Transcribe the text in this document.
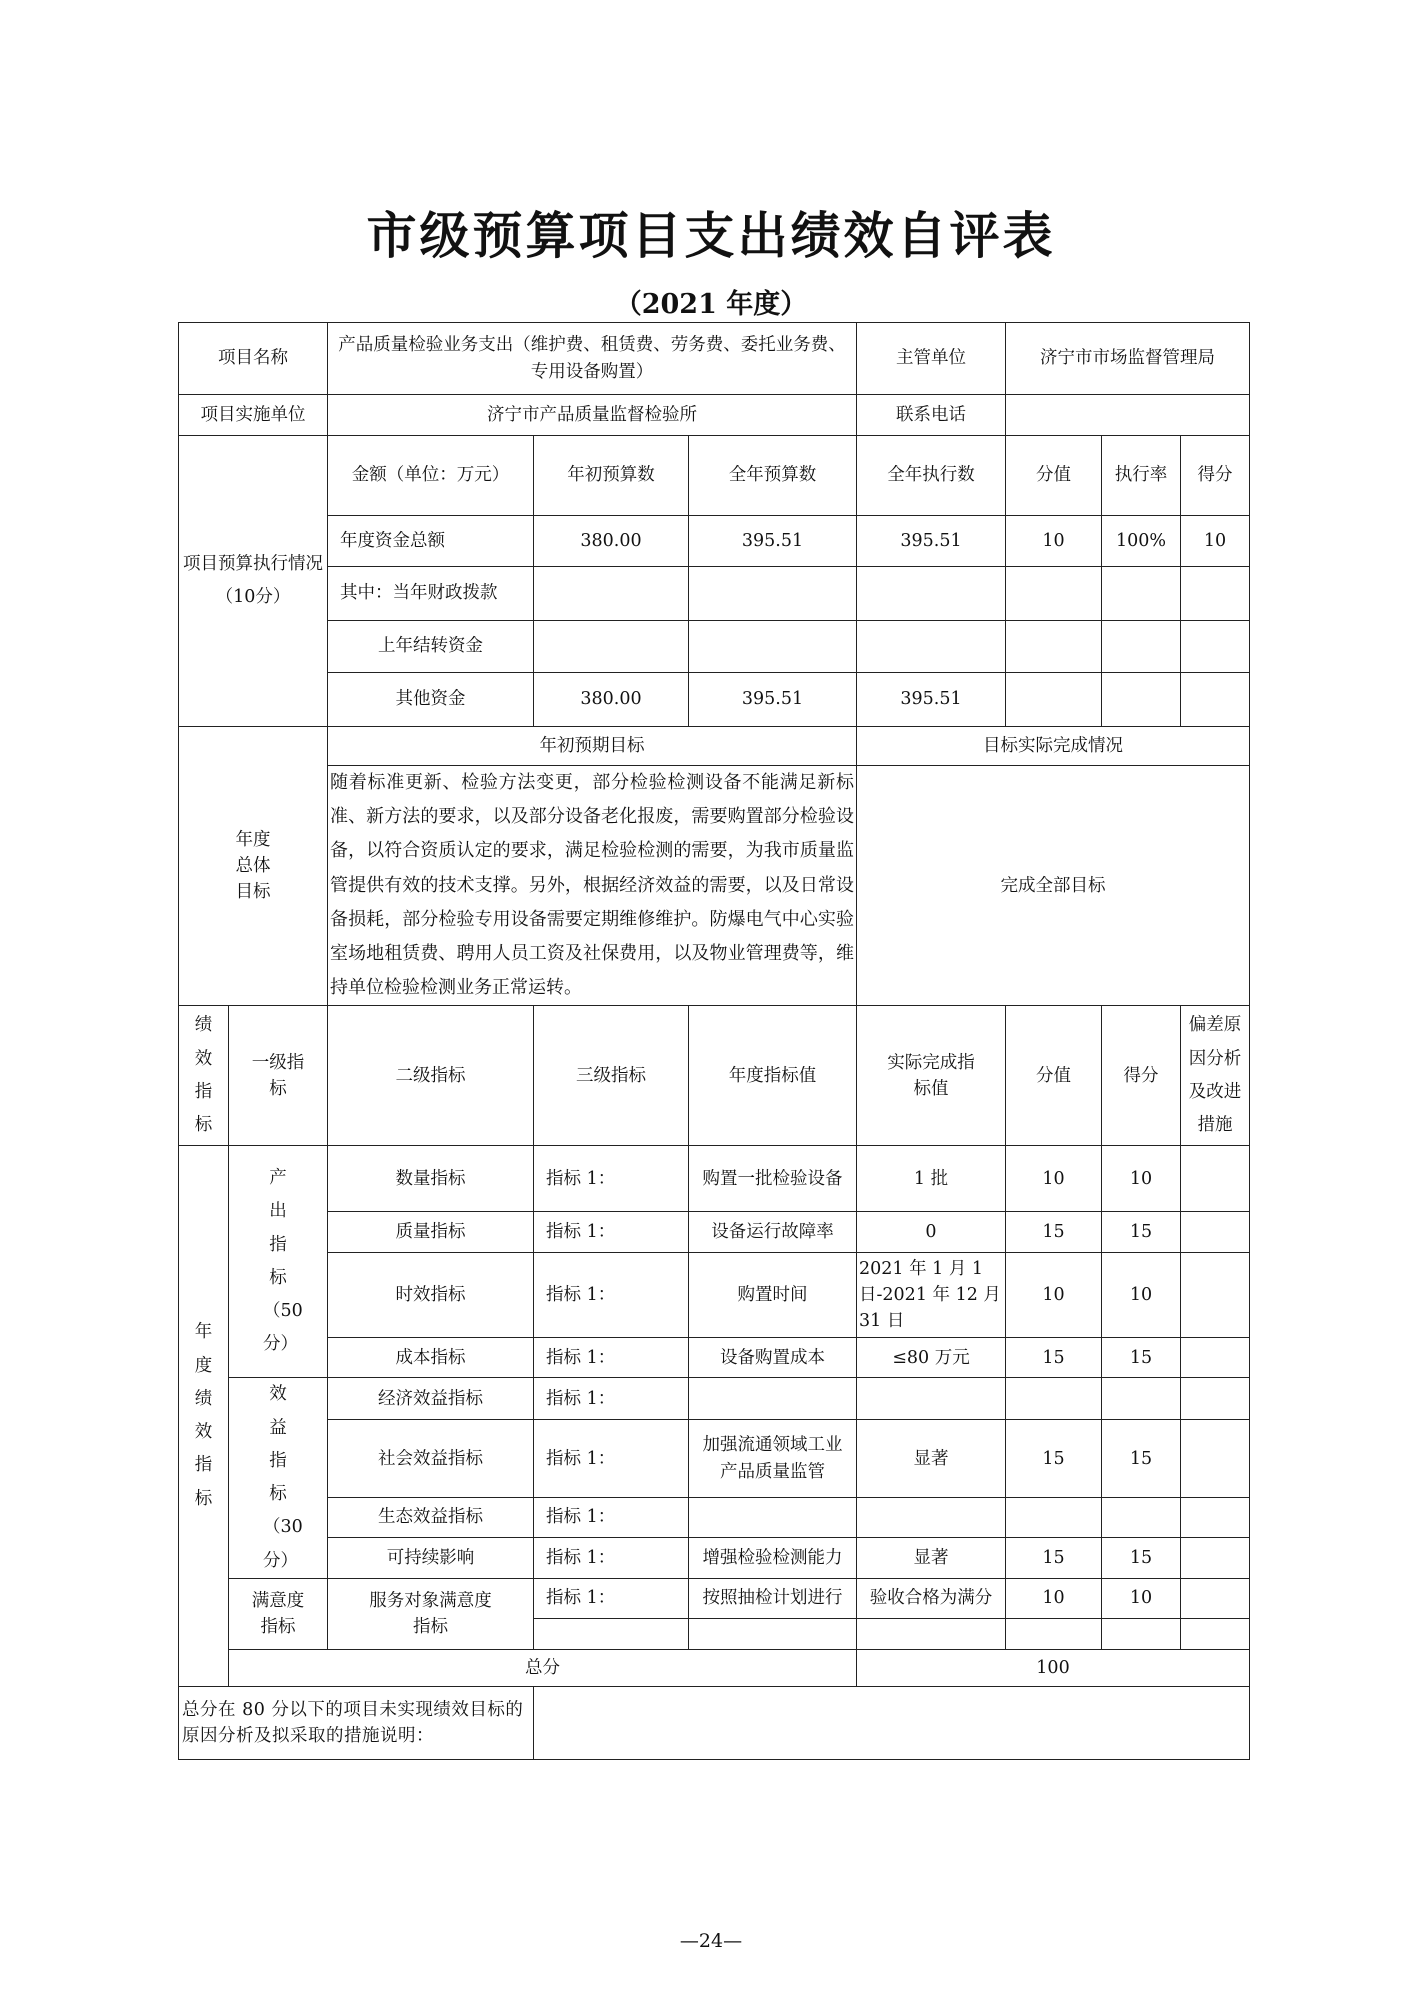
市级预算项目支出绩效自评表
（2021 年度）
项目名称		产品质量检验业务支出（维护费、租赁费、劳务费、委托业务费、专用设备购置）			主管单位	济宁市市场监督管理局		
项目实施单位		济宁市产品质量监督检验所			联系电话			
项目预算执行情况（10分）		金额（单位：万元）	年初预算数	全年预算数	全年执行数	分值	执行率	得分
		年度资金总额	380.00	395.51	395.51	10	100%	10
		其中：当年财政拨款						
		上年结转资金						
		其他资金	380.00	395.51	395.51			
年度总体目标		年初预期目标			目标实际完成情况			
		随着标准更新、检验方法变更，部分检验检测设备不能满足新标准、新方法的要求，以及部分设备老化报废，需要购置部分检验设备，以符合资质认定的要求，满足检验检测的需要，为我市质量监管提供有效的技术支撑。另外，根据经济效益的需要，以及日常设备损耗，部分检验专用设备需要定期维修维护。防爆电气中心实验室场地租赁费、聘用人员工资及社保费用，以及物业管理费等，维持单位检验检测业务正常运转。			完成全部目标			
绩效指标	一级指标	二级指标	三级指标	年度指标值	实际完成指标值	分值	得分	偏差原因分析及改进措施
年度绩效指标	产出指标（50分）	数量指标	指标 1：	购置一批检验设备	1 批	10	10	
		质量指标	指标 1：	设备运行故障率	0	15	15	
		时效指标	指标 1：	购置时间	2021 年 1 月 1 日-2021 年 12 月 31 日	10	10	
		成本指标	指标 1：	设备购置成本	≤80 万元	15	15	
	效益指标（30分）	经济效益指标	指标 1：					
		社会效益指标	指标 1：	加强流通领域工业产品质量监管	显著	15	15	
		生态效益指标	指标 1：					
		可持续影响	指标 1：	增强检验检测能力	显著	15	15	
	满意度指标	服务对象满意度指标	指标 1：	按照抽检计划进行	验收合格为满分	10	10	

	总分				100			
总分在 80 分以下的项目未实现绩效目标的原因分析及拟采取的措施说明：								
—24—
